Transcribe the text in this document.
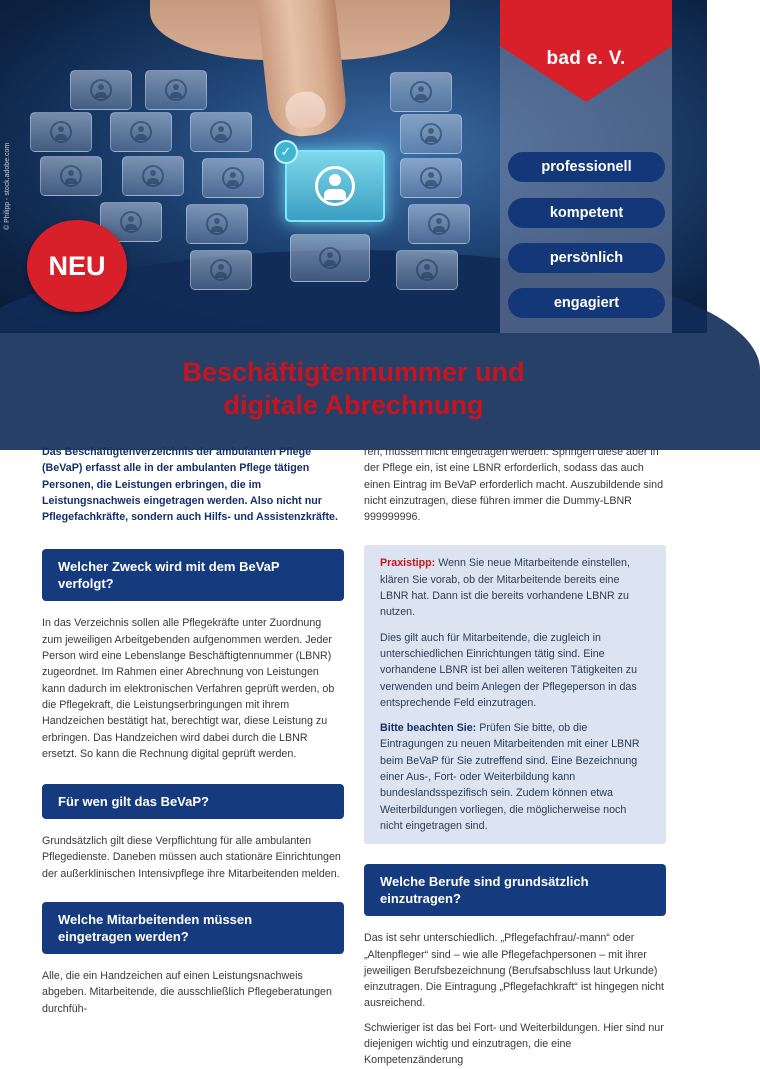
✓
© Philipp - stock.adobe.com
NEU
bad e. V.
professionell
kompetent
persönlich
engagiert
Beschäftigtennummer und
digitale Abrechnung

Das Beschäftigtenverzeichnis der ambulanten Pflege (BeVaP) erfasst alle in der ambulanten Pflege tätigen Personen, die Leistungen erbringen, die im Leistungsnachweis eingetragen werden. Also nicht nur Pflegefachkräfte, sondern auch Hilfs- und Assistenzkräfte.

Welcher Zweck wird mit dem BeVaP verfolgt?

In das Verzeichnis sollen alle Pflegekräfte unter Zuordnung zum jeweiligen Arbeitgebenden aufgenommen werden. Jeder Person wird eine Lebenslange Beschäftigtennummer (LBNR) zugeordnet. Im Rahmen einer Abrechnung von Leistungen kann dadurch im elektronischen Verfahren geprüft werden, ob die Pflegekraft, die Leistungserbringungen mit ihrem Handzeichen bestätigt hat, berechtigt war, diese Leistung zu erbringen. Das Handzeichen wird dabei durch die LBNR ersetzt. So kann die Rechnung digital geprüft werden.

Für wen gilt das BeVaP?

Grundsätzlich gilt diese Verpflichtung für alle ambulanten Pflegedienste. Daneben müssen auch stationäre Einrichtungen der außerklinischen Intensivpflege ihre Mitarbeitenden melden.

Welche Mitarbeitenden müssen eingetragen werden?

Alle, die ein Handzeichen auf einen Leistungsnachweis abgeben. Mitarbeitende, die ausschließlich Pflegeberatungen durchfüh-

ren, müssen nicht eingetragen werden. Springen diese aber in der Pflege ein, ist eine LBNR erforderlich, sodass das auch einen Eintrag im BeVaP erforderlich macht. Auszubildende sind nicht einzutragen, diese führen immer die Dummy-LBNR 999999996.

Praxistipp: Wenn Sie neue Mitarbeitende einstellen, klären Sie vorab, ob der Mitarbeitende bereits eine LBNR hat. Dann ist die bereits vorhandene LBNR zu nutzen.

Dies gilt auch für Mitarbeitende, die zugleich in unterschiedlichen Einrichtungen tätig sind. Eine vorhandene LBNR ist bei allen weiteren Tätigkeiten zu verwenden und beim Anlegen der Pflegeperson in das entsprechende Feld einzutragen.

Bitte beachten Sie: Prüfen Sie bitte, ob die Eintragungen zu neuen Mitarbeitenden mit einer LBNR beim BeVaP für Sie zutreffend sind. Eine Bezeichnung einer Aus-, Fort- oder Weiterbildung kann bundeslandsspezifisch sein. Zudem können etwa Weiterbildungen vorliegen, die möglicherweise noch nicht eingetragen sind.

Welche Berufe sind grundsätzlich einzutragen?

Das ist sehr unterschiedlich. „Pflegefachfrau/-mann“ oder „Altenpfleger“ sind – wie alle Pflegefachpersonen – mit ihrer jeweiligen Berufsbezeichnung (Berufsabschluss laut Urkunde) einzutragen. Die Eintragung „Pflegefachkraft“ ist hingegen nicht ausreichend.

Schwieriger ist das bei Fort- und Weiterbildungen. Hier sind nur diejenigen wichtig und einzutragen, die eine Kompetenzänderung
